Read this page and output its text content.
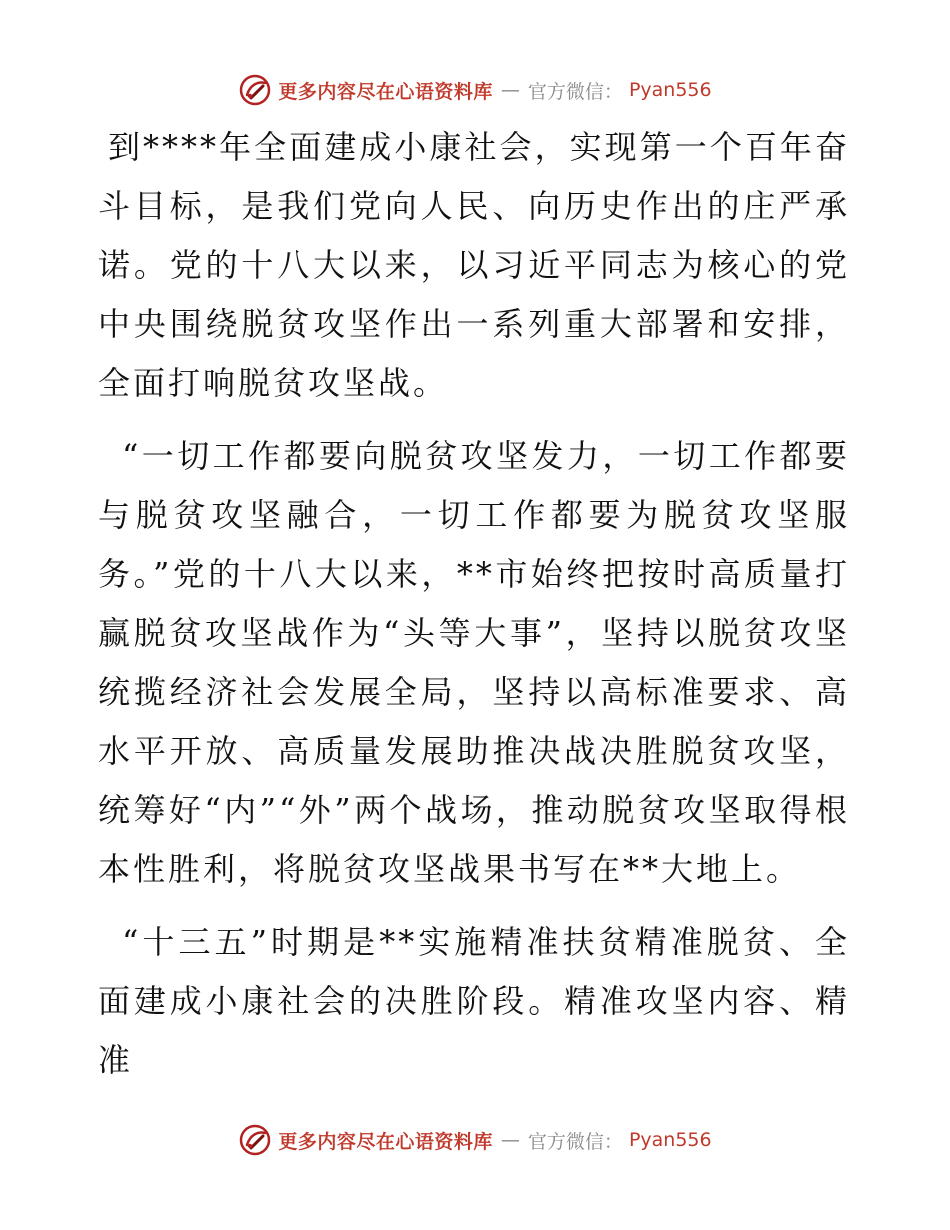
更多内容尽在心语资料库 — 官方微信： Pyan556

到****年全面建成小康社会，实现第一个百年奋斗目标，是我们党向人民、向历史作出的庄严承诺。党的十八大以来，以习近平同志为核心的党中央围绕脱贫攻坚作出一系列重大部署和安排，全面打响脱贫攻坚战。

“一切工作都要向脱贫攻坚发力，一切工作都要与脱贫攻坚融合，一切工作都要为脱贫攻坚服务。”党的十八大以来，**市始终把按时高质量打赢脱贫攻坚战作为“头等大事”，坚持以脱贫攻坚统揽经济社会发展全局，坚持以高标准要求、高水平开放、高质量发展助推决战决胜脱贫攻坚，统筹好“内”“外”两个战场，推动脱贫攻坚取得根本性胜利，将脱贫攻坚战果书写在**大地上。

“十三五”时期是**实施精准扶贫精准脱贫、全面建成小康社会的决胜阶段。精准攻坚内容、精准

更多内容尽在心语资料库 — 官方微信： Pyan556
